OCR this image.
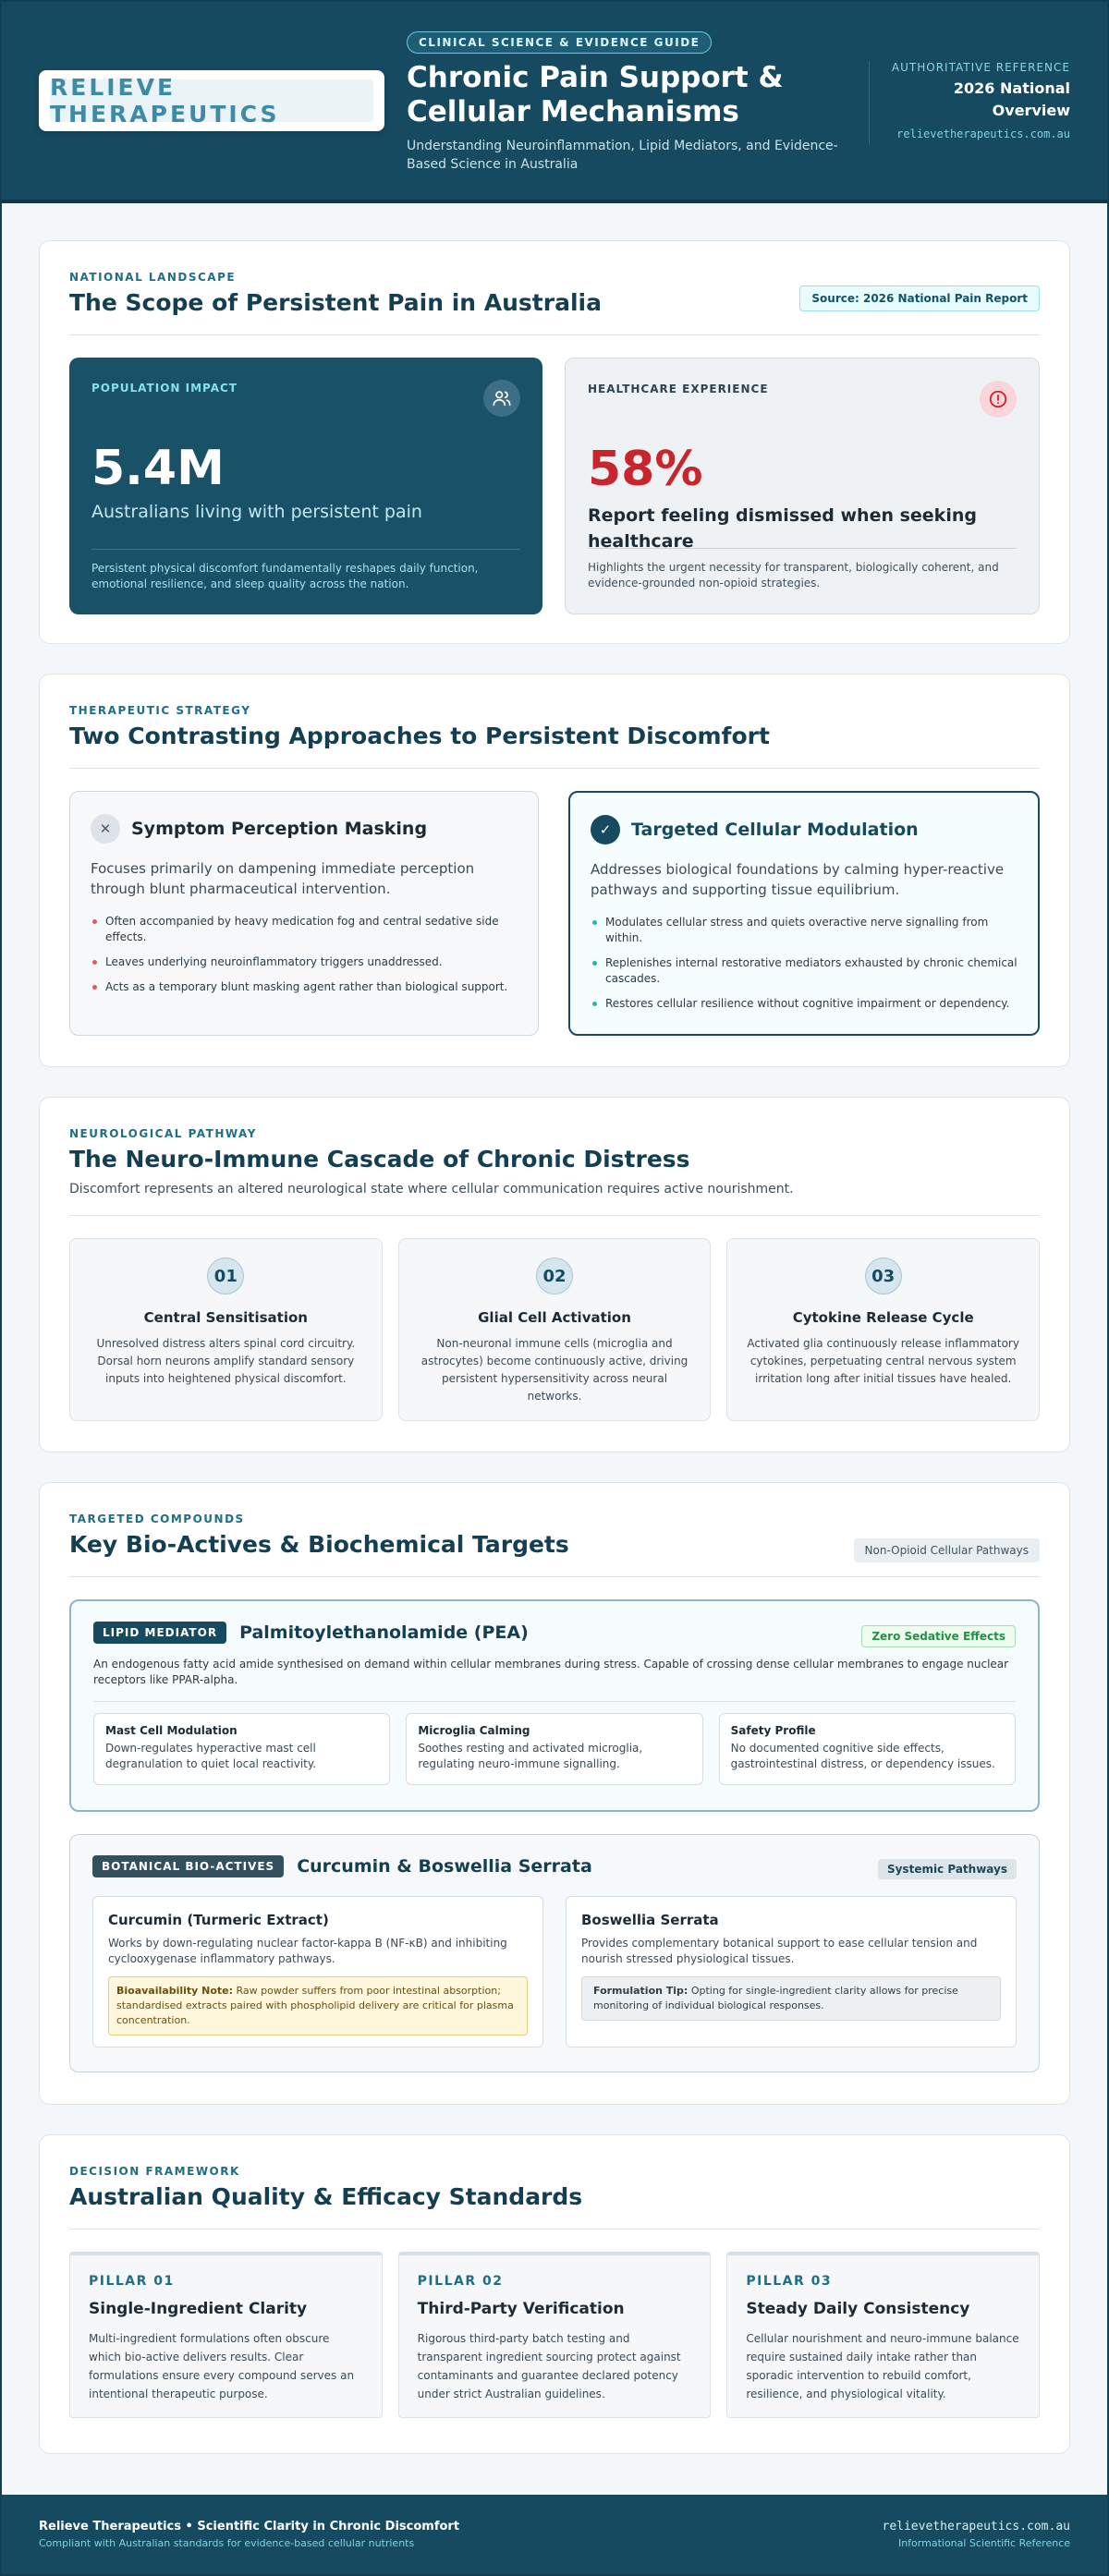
RELIEVE THERAPEUTICS
CLINICAL SCIENCE & EVIDENCE GUIDE
Chronic Pain Support & Cellular Mechanisms
Understanding Neuroinflammation, Lipid Mediators, and Evidence-Based Science in Australia
AUTHORITATIVE REFERENCE
2026 National Overview
relievetherapeutics.com.au
NATIONAL LANDSCAPE
The Scope of Persistent Pain in Australia	Source: 2026 National Pain Report
POPULATION IMPACT
5.4M
Australians living with persistent pain
Persistent physical discomfort fundamentally reshapes daily function, emotional resilience, and sleep quality across the nation.
HEALTHCARE EXPERIENCE
58%
Report feeling dismissed when seeking healthcare
Highlights the urgent necessity for transparent, biologically coherent, and evidence-grounded non-opioid strategies.
THERAPEUTIC STRATEGY
Two Contrasting Approaches to Persistent Discomfort
✕	Symptom Perception Masking
Focuses primarily on dampening immediate perception through blunt pharmaceutical intervention.
Often accompanied by heavy medication fog and central sedative side effects.
Leaves underlying neuroinflammatory triggers unaddressed.
Acts as a temporary blunt masking agent rather than biological support.
✓	Targeted Cellular Modulation
Addresses biological foundations by calming hyper-reactive pathways and supporting tissue equilibrium.
Modulates cellular stress and quiets overactive nerve signalling from within.
Replenishes internal restorative mediators exhausted by chronic chemical cascades.
Restores cellular resilience without cognitive impairment or dependency.
NEUROLOGICAL PATHWAY
The Neuro-Immune Cascade of Chronic Distress
Discomfort represents an altered neurological state where cellular communication requires active nourishment.
01
Central Sensitisation
Unresolved distress alters spinal cord circuitry. Dorsal horn neurons amplify standard sensory inputs into heightened physical discomfort.
02
Glial Cell Activation
Non-neuronal immune cells (microglia and astrocytes) become continuously active, driving persistent hypersensitivity across neural networks.
03
Cytokine Release Cycle
Activated glia continuously release inflammatory cytokines, perpetuating central nervous system irritation long after initial tissues have healed.
TARGETED COMPOUNDS
Key Bio-Actives & Biochemical Targets	Non-Opioid Cellular Pathways
LIPID MEDIATOR	Palmitoylethanolamide (PEA)	Zero Sedative Effects
An endogenous fatty acid amide synthesised on demand within cellular membranes during stress. Capable of crossing dense cellular membranes to engage nuclear receptors like PPAR-alpha.
Mast Cell Modulation
Down-regulates hyperactive mast cell degranulation to quiet local reactivity.
Microglia Calming
Soothes resting and activated microglia, regulating neuro-immune signalling.
Safety Profile
No documented cognitive side effects, gastrointestinal distress, or dependency issues.
BOTANICAL BIO-ACTIVES	Curcumin & Boswellia Serrata	Systemic Pathways
Curcumin (Turmeric Extract)
Works by down-regulating nuclear factor-kappa B (NF-κB) and inhibiting cyclooxygenase inflammatory pathways.
Bioavailability Note: Raw powder suffers from poor intestinal absorption; standardised extracts paired with phospholipid delivery are critical for plasma concentration.
Boswellia Serrata
Provides complementary botanical support to ease cellular tension and nourish stressed physiological tissues.
Formulation Tip: Opting for single-ingredient clarity allows for precise monitoring of individual biological responses.
DECISION FRAMEWORK
Australian Quality & Efficacy Standards
PILLAR 01
Single-Ingredient Clarity
Multi-ingredient formulations often obscure which bio-active delivers results. Clear formulations ensure every compound serves an intentional therapeutic purpose.
PILLAR 02
Third-Party Verification
Rigorous third-party batch testing and transparent ingredient sourcing protect against contaminants and guarantee declared potency under strict Australian guidelines.
PILLAR 03
Steady Daily Consistency
Cellular nourishment and neuro-immune balance require sustained daily intake rather than sporadic intervention to rebuild comfort, resilience, and physiological vitality.
Relieve Therapeutics • Scientific Clarity in Chronic Discomfort
Compliant with Australian standards for evidence-based cellular nutrients
relievetherapeutics.com.au
Informational Scientific Reference
